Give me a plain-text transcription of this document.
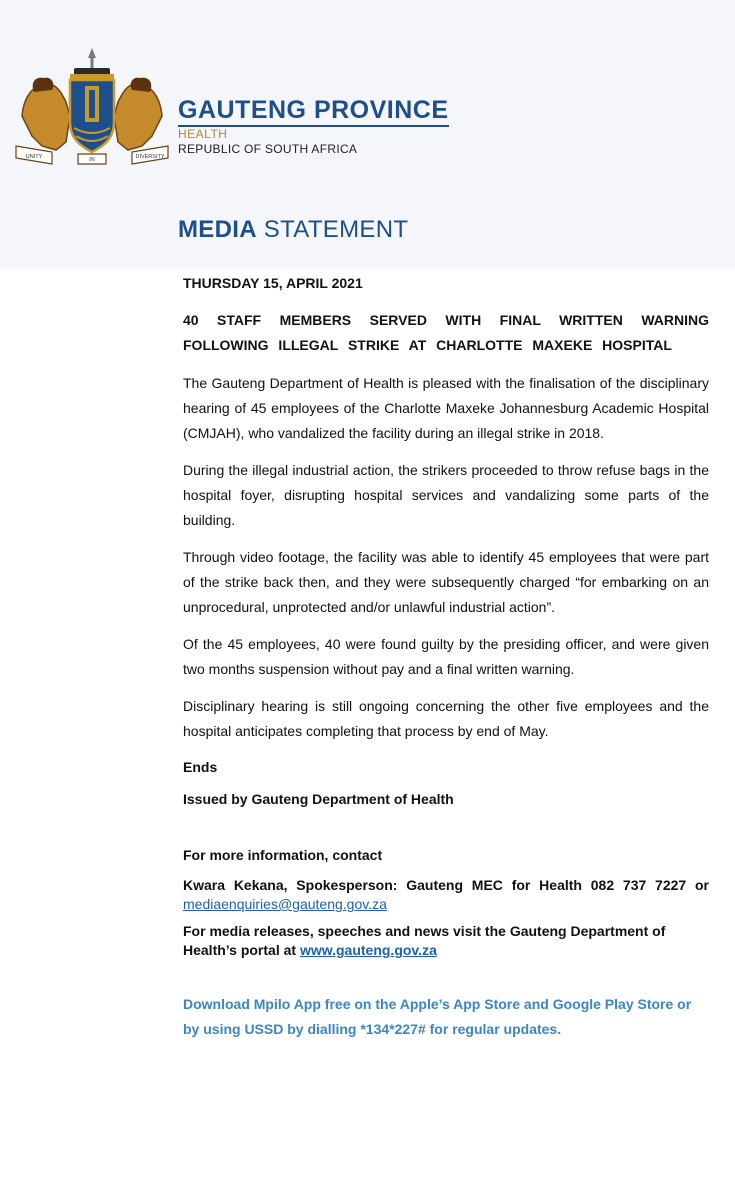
UNITY	IN	DIVERSITY
GAUTENG PROVINCE
HEALTH
REPUBLIC OF SOUTH AFRICA
MEDIA STATEMENT

THURSDAY 15, APRIL 2021

40 STAFF MEMBERS SERVED WITH FINAL WRITTEN WARNING FOLLOWING ILLEGAL STRIKE AT CHARLOTTE MAXEKE HOSPITAL

The Gauteng Department of Health is pleased with the finalisation of the disciplinary hearing of 45 employees of the Charlotte Maxeke Johannesburg Academic Hospital (CMJAH), who vandalized the facility during an illegal strike in 2018.

During the illegal industrial action, the strikers proceeded to throw refuse bags in the hospital foyer, disrupting hospital services and vandalizing some parts of the building.

Through video footage, the facility was able to identify 45 employees that were part of the strike back then, and they were subsequently charged “for embarking on an unprocedural, unprotected and/or unlawful industrial action”.

Of the 45 employees, 40 were found guilty by the presiding officer, and were given two months suspension without pay and a final written warning.

Disciplinary hearing is still ongoing concerning the other five employees and the hospital anticipates completing that process by end of May.

Ends

Issued by Gauteng Department of Health

For more information, contact

Kwara Kekana, Spokesperson: Gauteng MEC for Health 082 737 7227 or mediaenquiries@gauteng.gov.za

For media releases, speeches and news visit the Gauteng Department of Health’s portal at www.gauteng.gov.za

Download Mpilo App free on the Apple’s App Store and Google Play Store or by using USSD by dialling *134*227# for regular updates.
